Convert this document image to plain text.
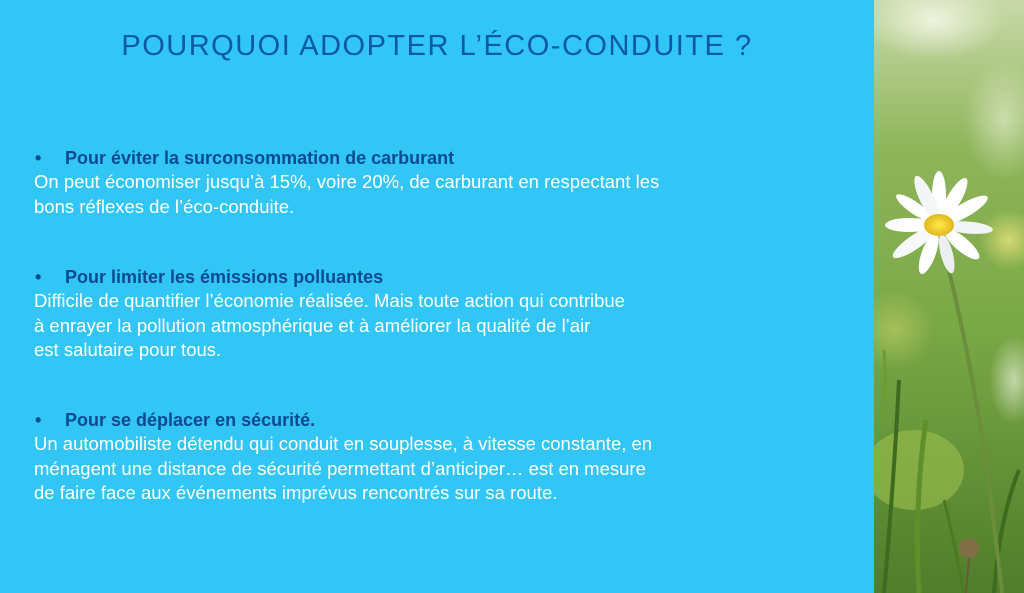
POURQUOI ADOPTER L’ÉCO-CONDUITE ?
•	Pour éviter la surconsommation de carburant

On peut économiser jusqu’à 15%, voire 20%, de carburant en respectant les
bons réflexes de l’éco-conduite.

•	Pour limiter les émissions polluantes

Difficile de quantifier l’économie réalisée. Mais toute action qui contribue
à enrayer la pollution atmosphérique et à améliorer la qualité de l’air
est salutaire pour tous.

•	Pour se déplacer en sécurité.

Un automobiliste détendu qui conduit en souplesse, à vitesse constante, en
ménagent une distance de sécurité permettant d’anticiper… est en mesure
de faire face aux événements imprévus rencontrés sur sa route.
